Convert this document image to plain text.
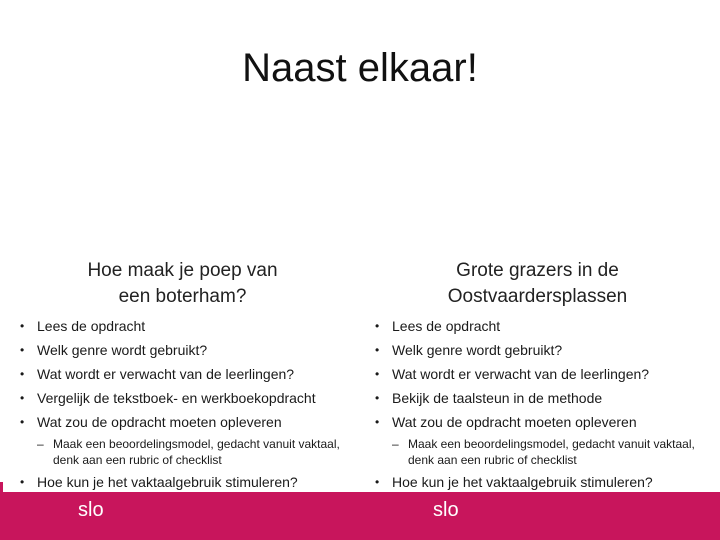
Naast elkaar!
Hoe maak je poep van
een boterham?
• Lees de opdracht
• Welk genre wordt gebruikt?
• Wat wordt er verwacht van de leerlingen?
• Vergelijk de tekstboek- en werkboekopdracht
• Wat zou de opdracht moeten opleveren
– Maak een beoordelingsmodel, gedacht vanuit vaktaal, denk aan een rubric of checklist
• Hoe kun je het vaktaalgebruik stimuleren?
Grote grazers in de
Oostvaardersplassen
• Lees de opdracht
• Welk genre wordt gebruikt?
• Wat wordt er verwacht van de leerlingen?
• Bekijk de taalsteun in de methode
• Wat zou de opdracht moeten opleveren
– Maak een beoordelingsmodel, gedacht vanuit vaktaal, denk aan een rubric of checklist
• Hoe kun je het vaktaalgebruik stimuleren?
slo	slo
